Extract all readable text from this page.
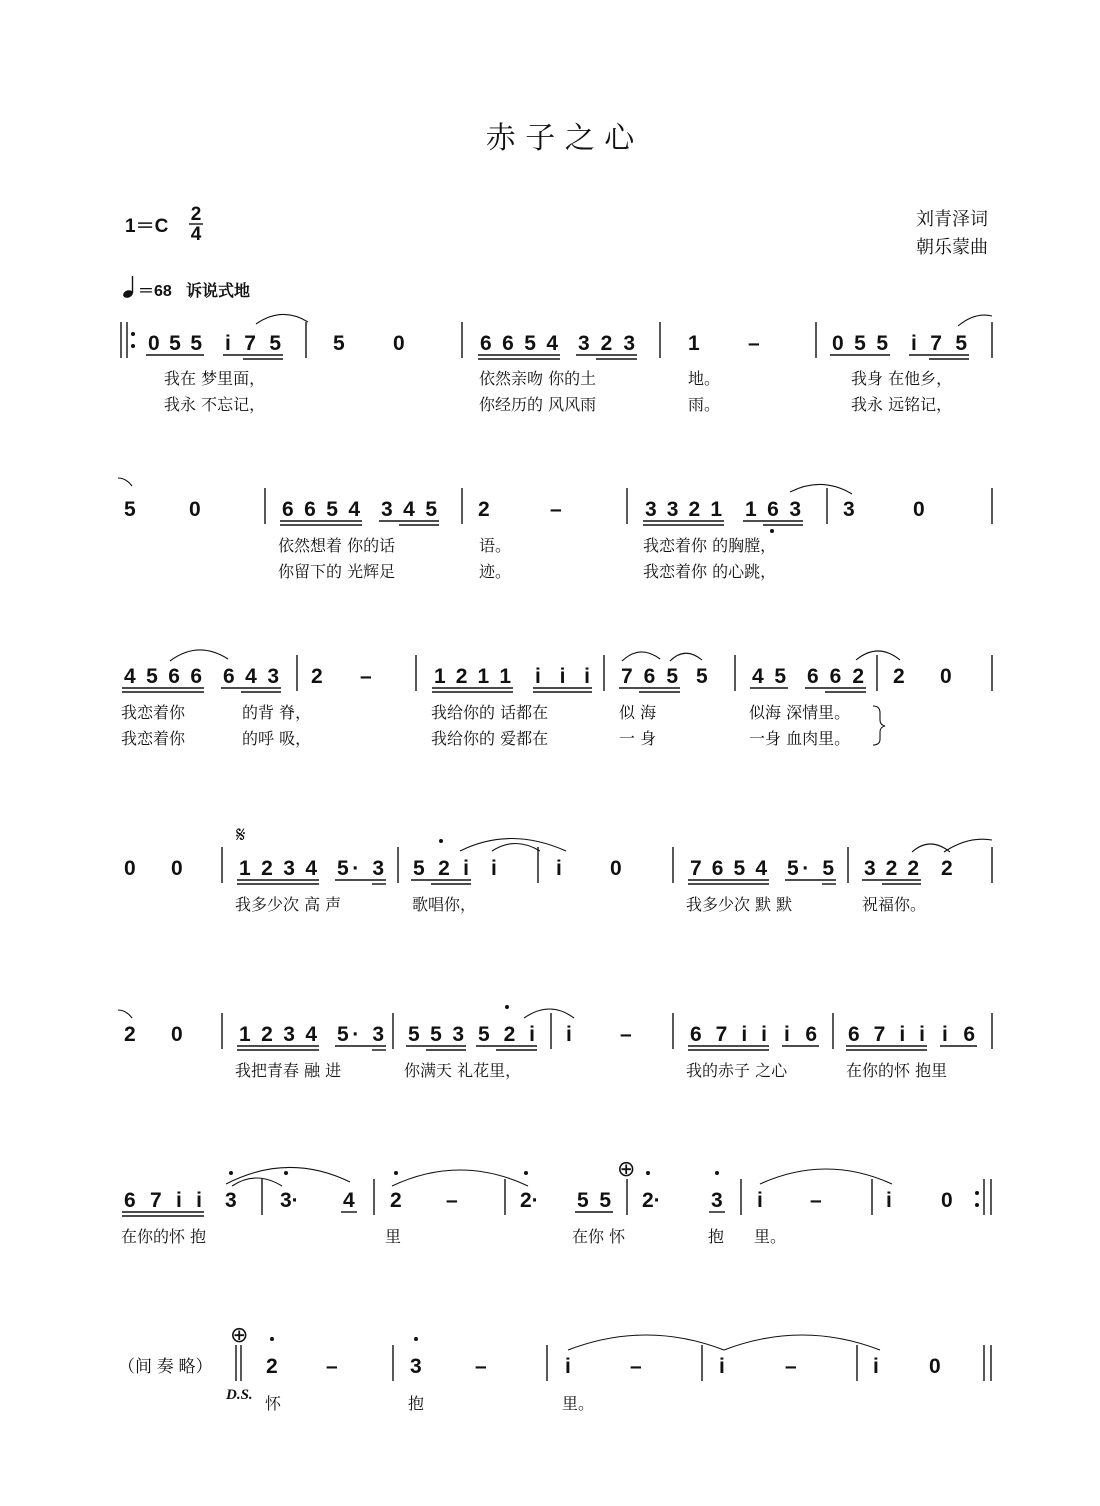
赤 子 之 心
1＝C
2
4
刘青泽词
朝乐蒙曲
＝68 诉说式地
0 5 5 i 7 5 5 0	6 6 5 4 3 2 3	1 –	0 5 5 i 7 5
我在 梦里面，	依然亲吻 你的土	地。	我身 在他乡，
我永 不忘记，	你经历的 风风雨	雨。	我永 远铭记，
5	0	6 6 5 4 3 4 5 2	–	3 3 2 1 1 6 3 3	0
依然想着 你的话	语。	我恋着你 的胸膛，
你留下的 光辉足	迹。	我恋着你 的心跳，
4 5 6 6 6 4 3 2 –	1 2 1 1 i i i 7 6 5 5 4 5 6 6 2 2 0
我恋着你	的背 脊，	我给你的 话都在	似 海	似海 深情里。
我恋着你	的呼 吸，	我给你的 爱都在	一 身	一身 血肉里。
𝄋
0 0	1 2 3 4 5· 3 5 2 i i	i 0	7 6 5 4 5· 5 3 2 2 2
我多少次 高 声	歌唱你，	我多少次 默 默	祝福你。
2 0	1 2 3 4 5· 3 5 5 3 5 2 i i –	6 7 i i i 6 6 7 i i i 6
我把青春 融 进	你满天 礼花里，	我的赤子 之心	在你的怀 抱里
6 7 i i 3 3· 4 2 –	2· 5 5
⊕
2· 3 i –	i 0
在你的怀 抱	里	在你 怀	抱 里。
（间 奏 略）
⊕
D.S.
2 –	3	–	i	–	i	–	i 0
怀	抱	里。
